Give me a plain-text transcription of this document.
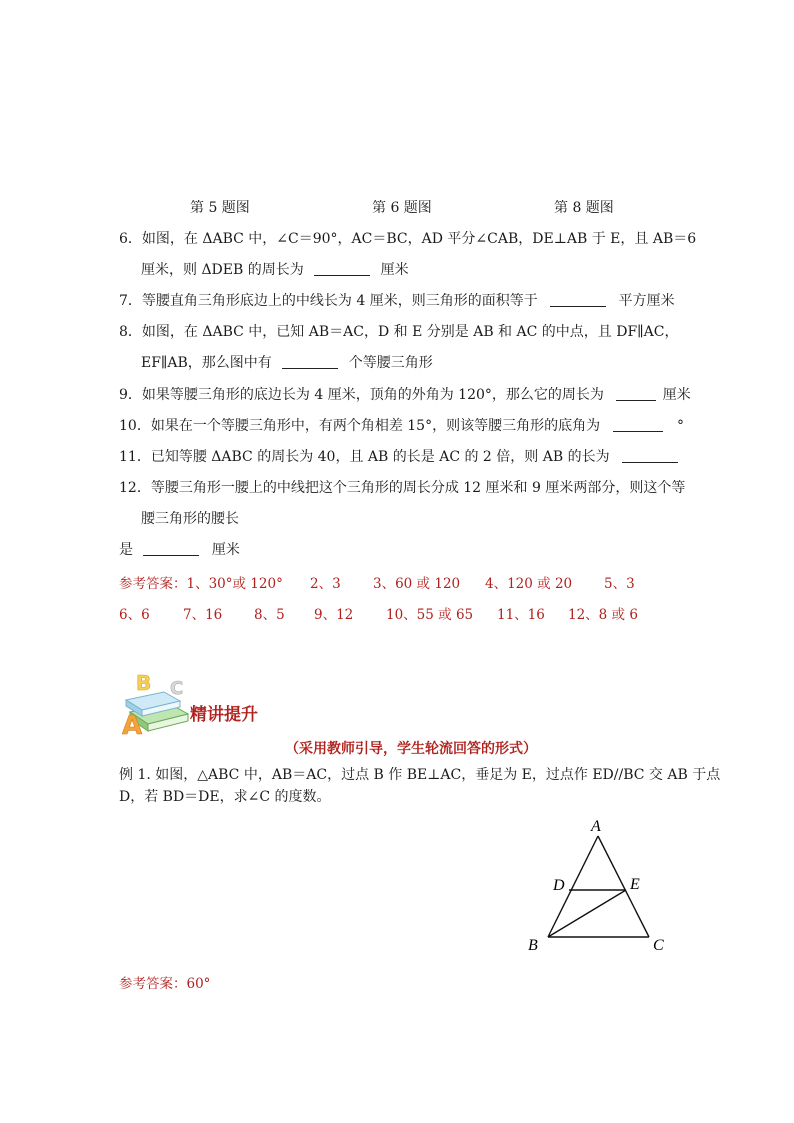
第 5 题图	第 6 题图	第 8 题图
6．如图，在 ΔABC 中，∠C＝90°，AC＝BC，AD 平分∠CAB，DE⊥AB 于 E，且 AB＝6
厘米，则 ΔDEB 的周长为	厘米
7．等腰直角三角形底边上的中线长为 4 厘米，则三角形的面积等于	平方厘米
8．如图，在 ΔABC 中，已知 AB＝AC，D 和 E 分别是 AB 和 AC 的中点，且 DF∥AC，
EF∥AB，那么图中有	个等腰三角形
9．如果等腰三角形的底边长为 4 厘米，顶角的外角为 120°，那么它的周长为	厘米
10．如果在一个等腰三角形中，有两个角相差 15°，则该等腰三角形的底角为	°
11．已知等腰 ΔABC 的周长为 40，且 AB 的长是 AC 的 2 倍，则 AB 的长为
12．等腰三角形一腰上的中线把这个三角形的周长分成 12 厘米和 9 厘米两部分，则这个等
腰三角形的腰长
是	厘米
参考答案：1、30°或 120° 2、3 3、60 或 120 4、120 或 20 5、3
6、6 7、16 8、5 9、12 10、55 或 65 11、16 12、8 或 6
A
B C
精讲提升
（采用教师引导，学生轮流回答的形式）
例 1. 如图，△ABC 中，AB＝AC，过点 B 作 BE⊥AC，垂足为 E，过点作 ED//BC 交 AB 于点
D，若 BD＝DE，求∠C 的度数。
A
D	E
B	C
参考答案：60°
